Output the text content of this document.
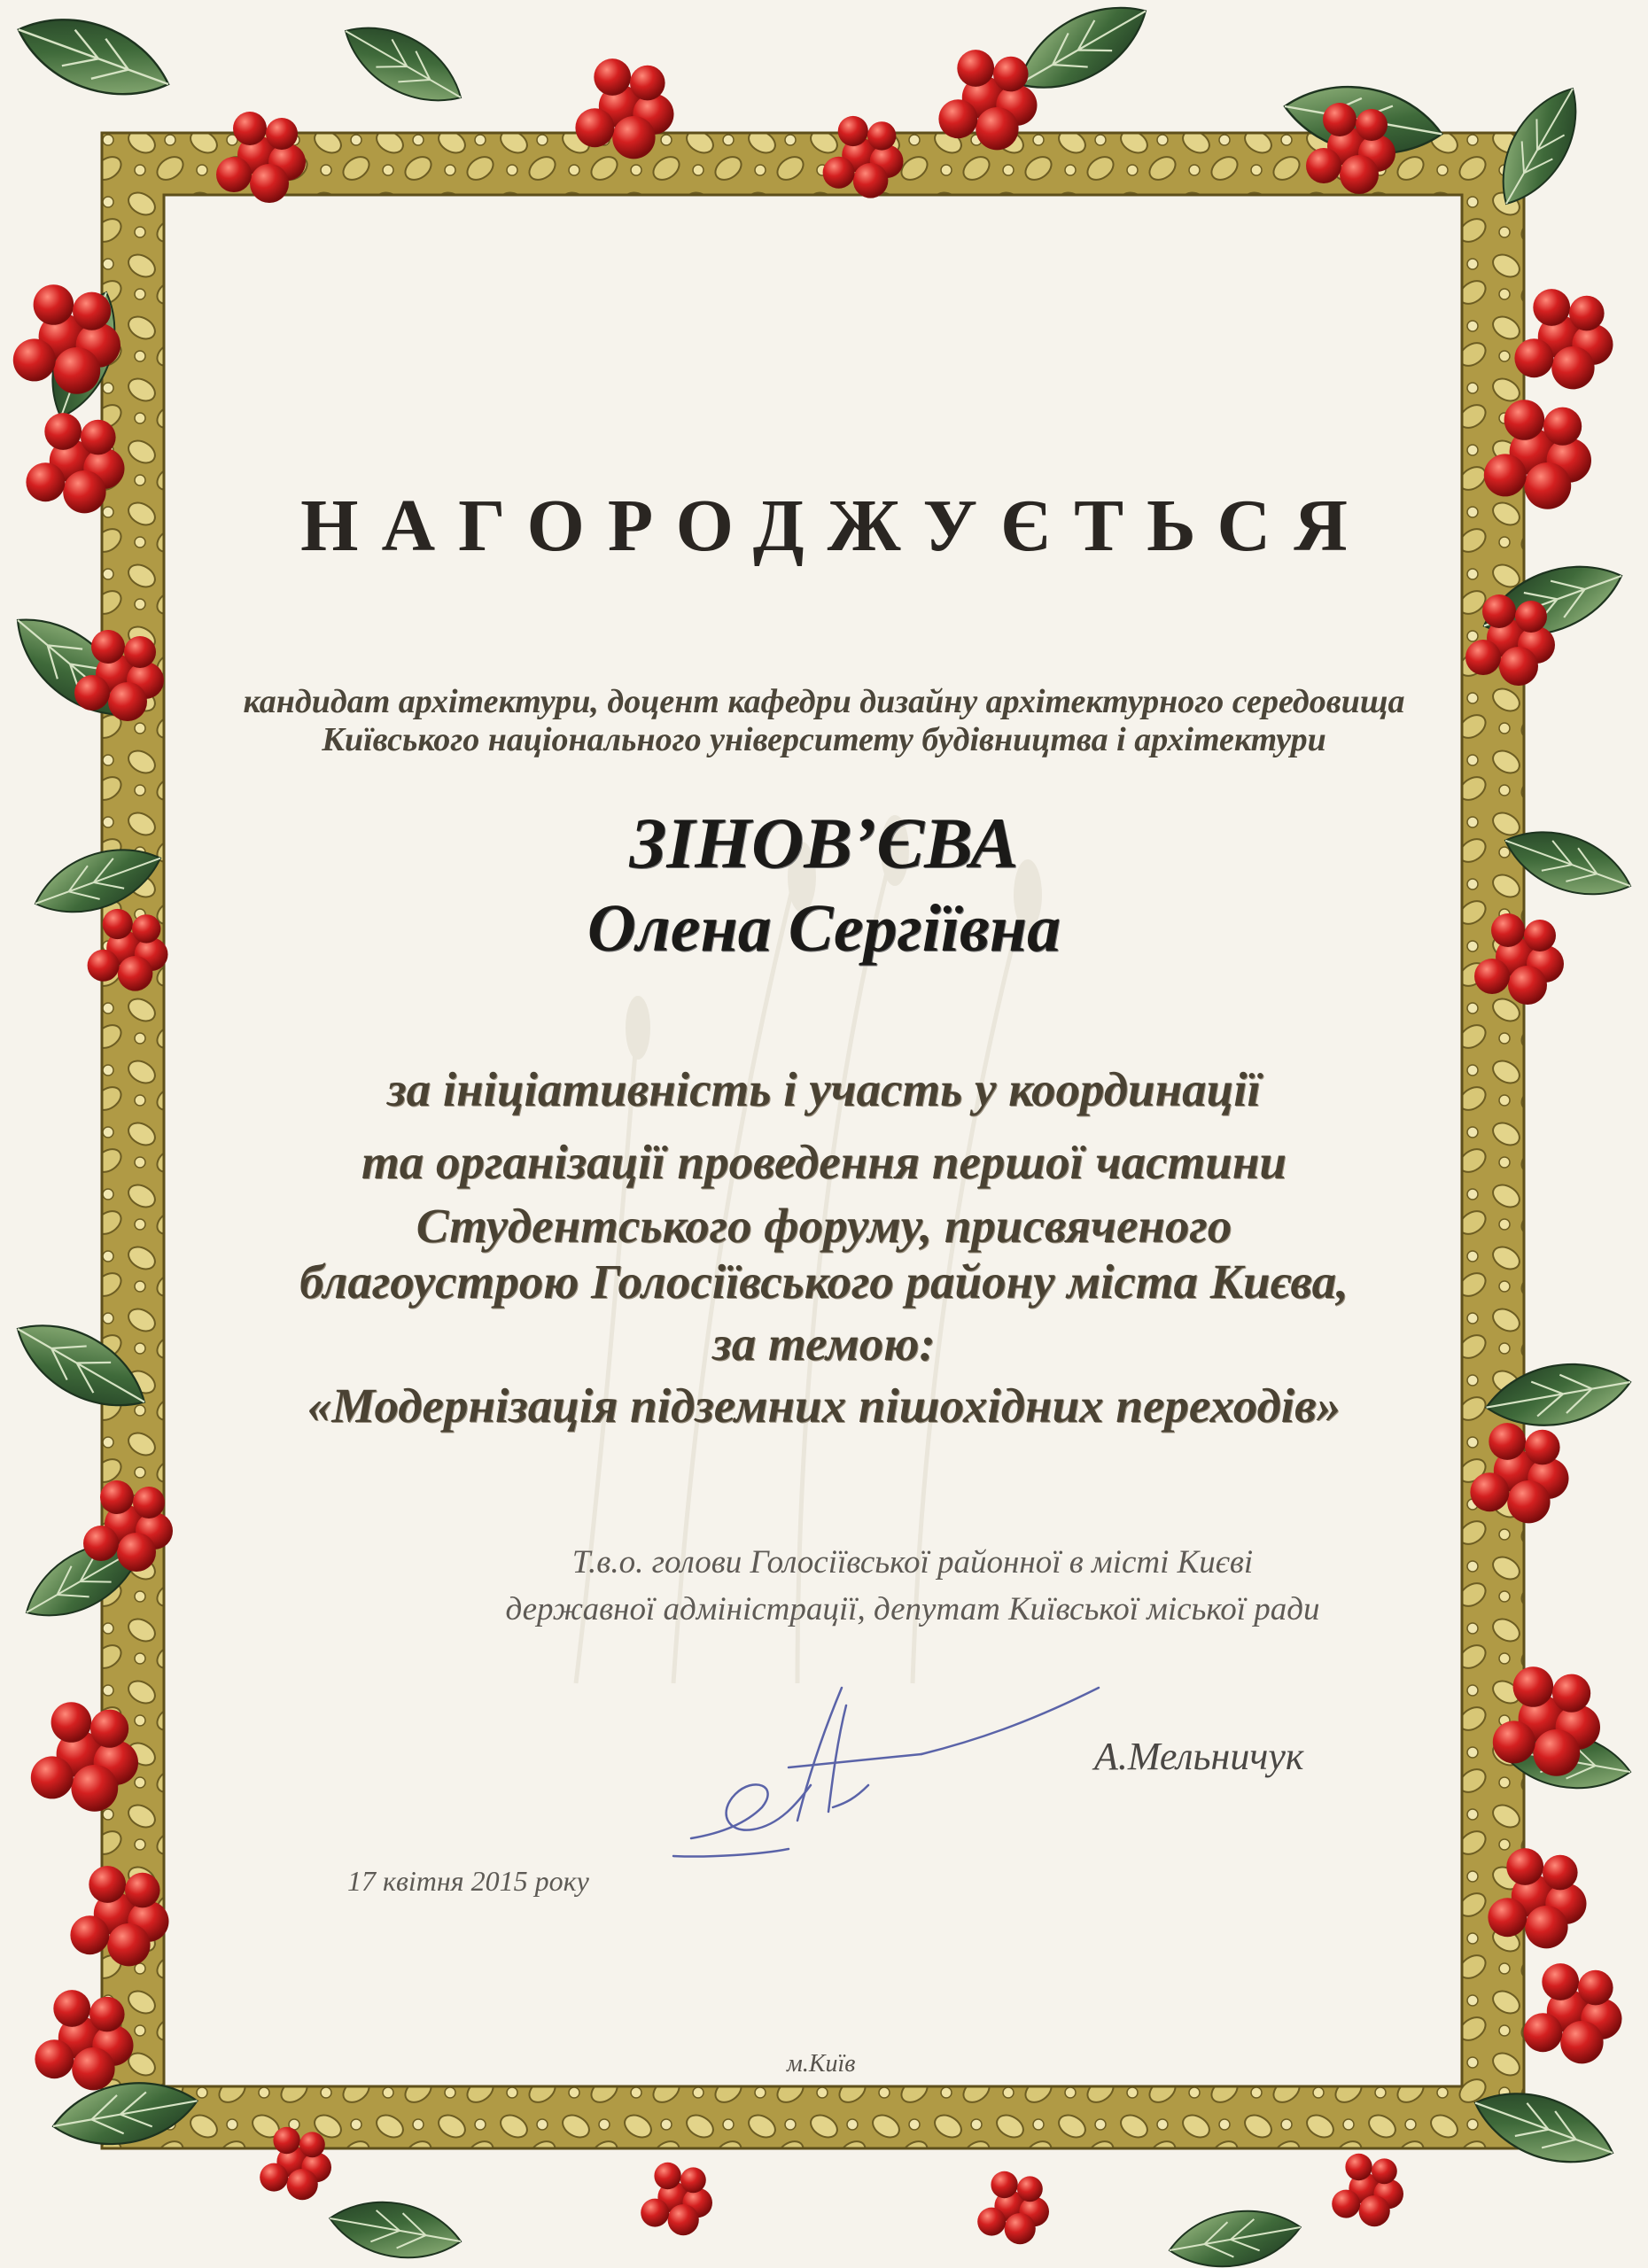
НАГОРОДЖУЄТЬСЯ

кандидат архітектури, доцент кафедри дизайну архітектурного середовища

Київського національного університету будівництва і архітектури

ЗІНОВ’ЄВА

Олена Сергіївна

за ініціативність і участь у координації

та організації проведення першої частини

Студентського форуму, присвяченого

благоустрою Голосіївського району міста Києва,

за темою:

«Модернізація підземних пішохідних переходів»

Т.в.о. голови Голосіївської районної в місті Києві

державної адміністрації, депутат Київської міської ради

А.Мельничук

17 квітня 2015 року

м.Київ
